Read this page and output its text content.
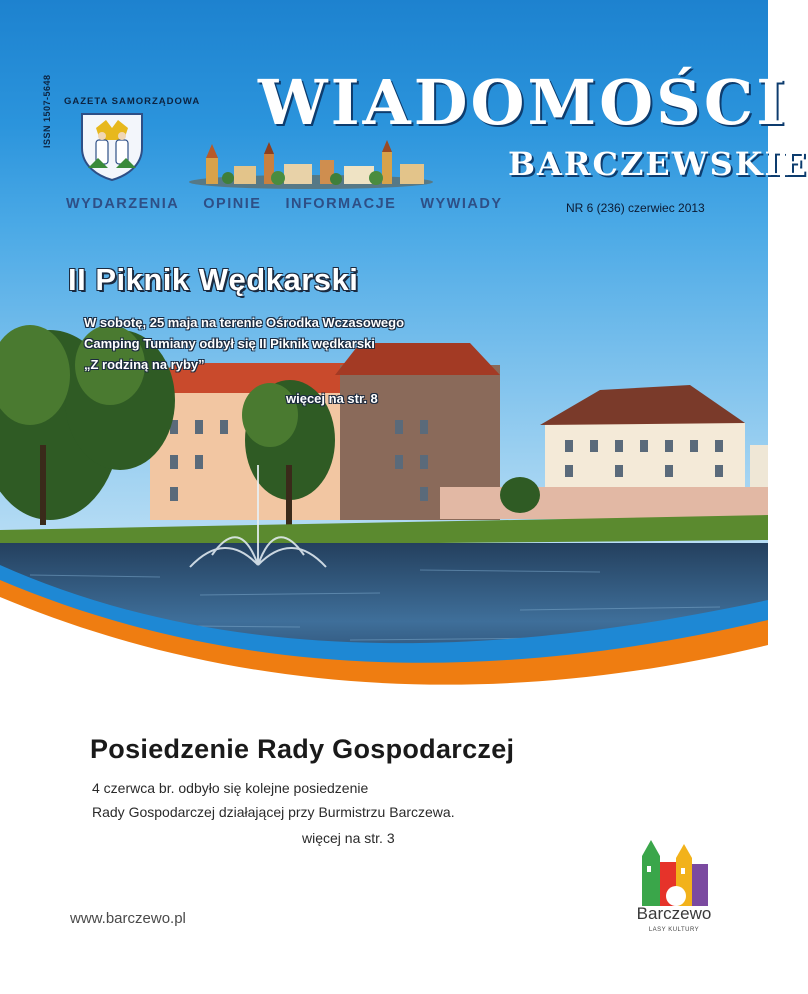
GAZETA SAMORZĄDOWA
ISSN 1507-5648	WIADOMOŚCI
BARCZEWSKIE
WYDARZENIA OPINIE INFORMACJE WYWIADY	NR 6 (236) czerwiec 2013
II Piknik Wędkarski
W sobotę, 25 maja na terenie Ośrodka Wczasowego
Camping Tumiany odbył się II Piknik wędkarski
„Z rodziną na ryby”
więcej na str. 8
Posiedzenie Rady Gospodarczej
4 czerwca br. odbyło się kolejne posiedzenie
Rady Gospodarczej działającej przy Burmistrzu Barczewa.
więcej na str. 3
www.barczewo.pl	Barczewo
LASY KULTURY
